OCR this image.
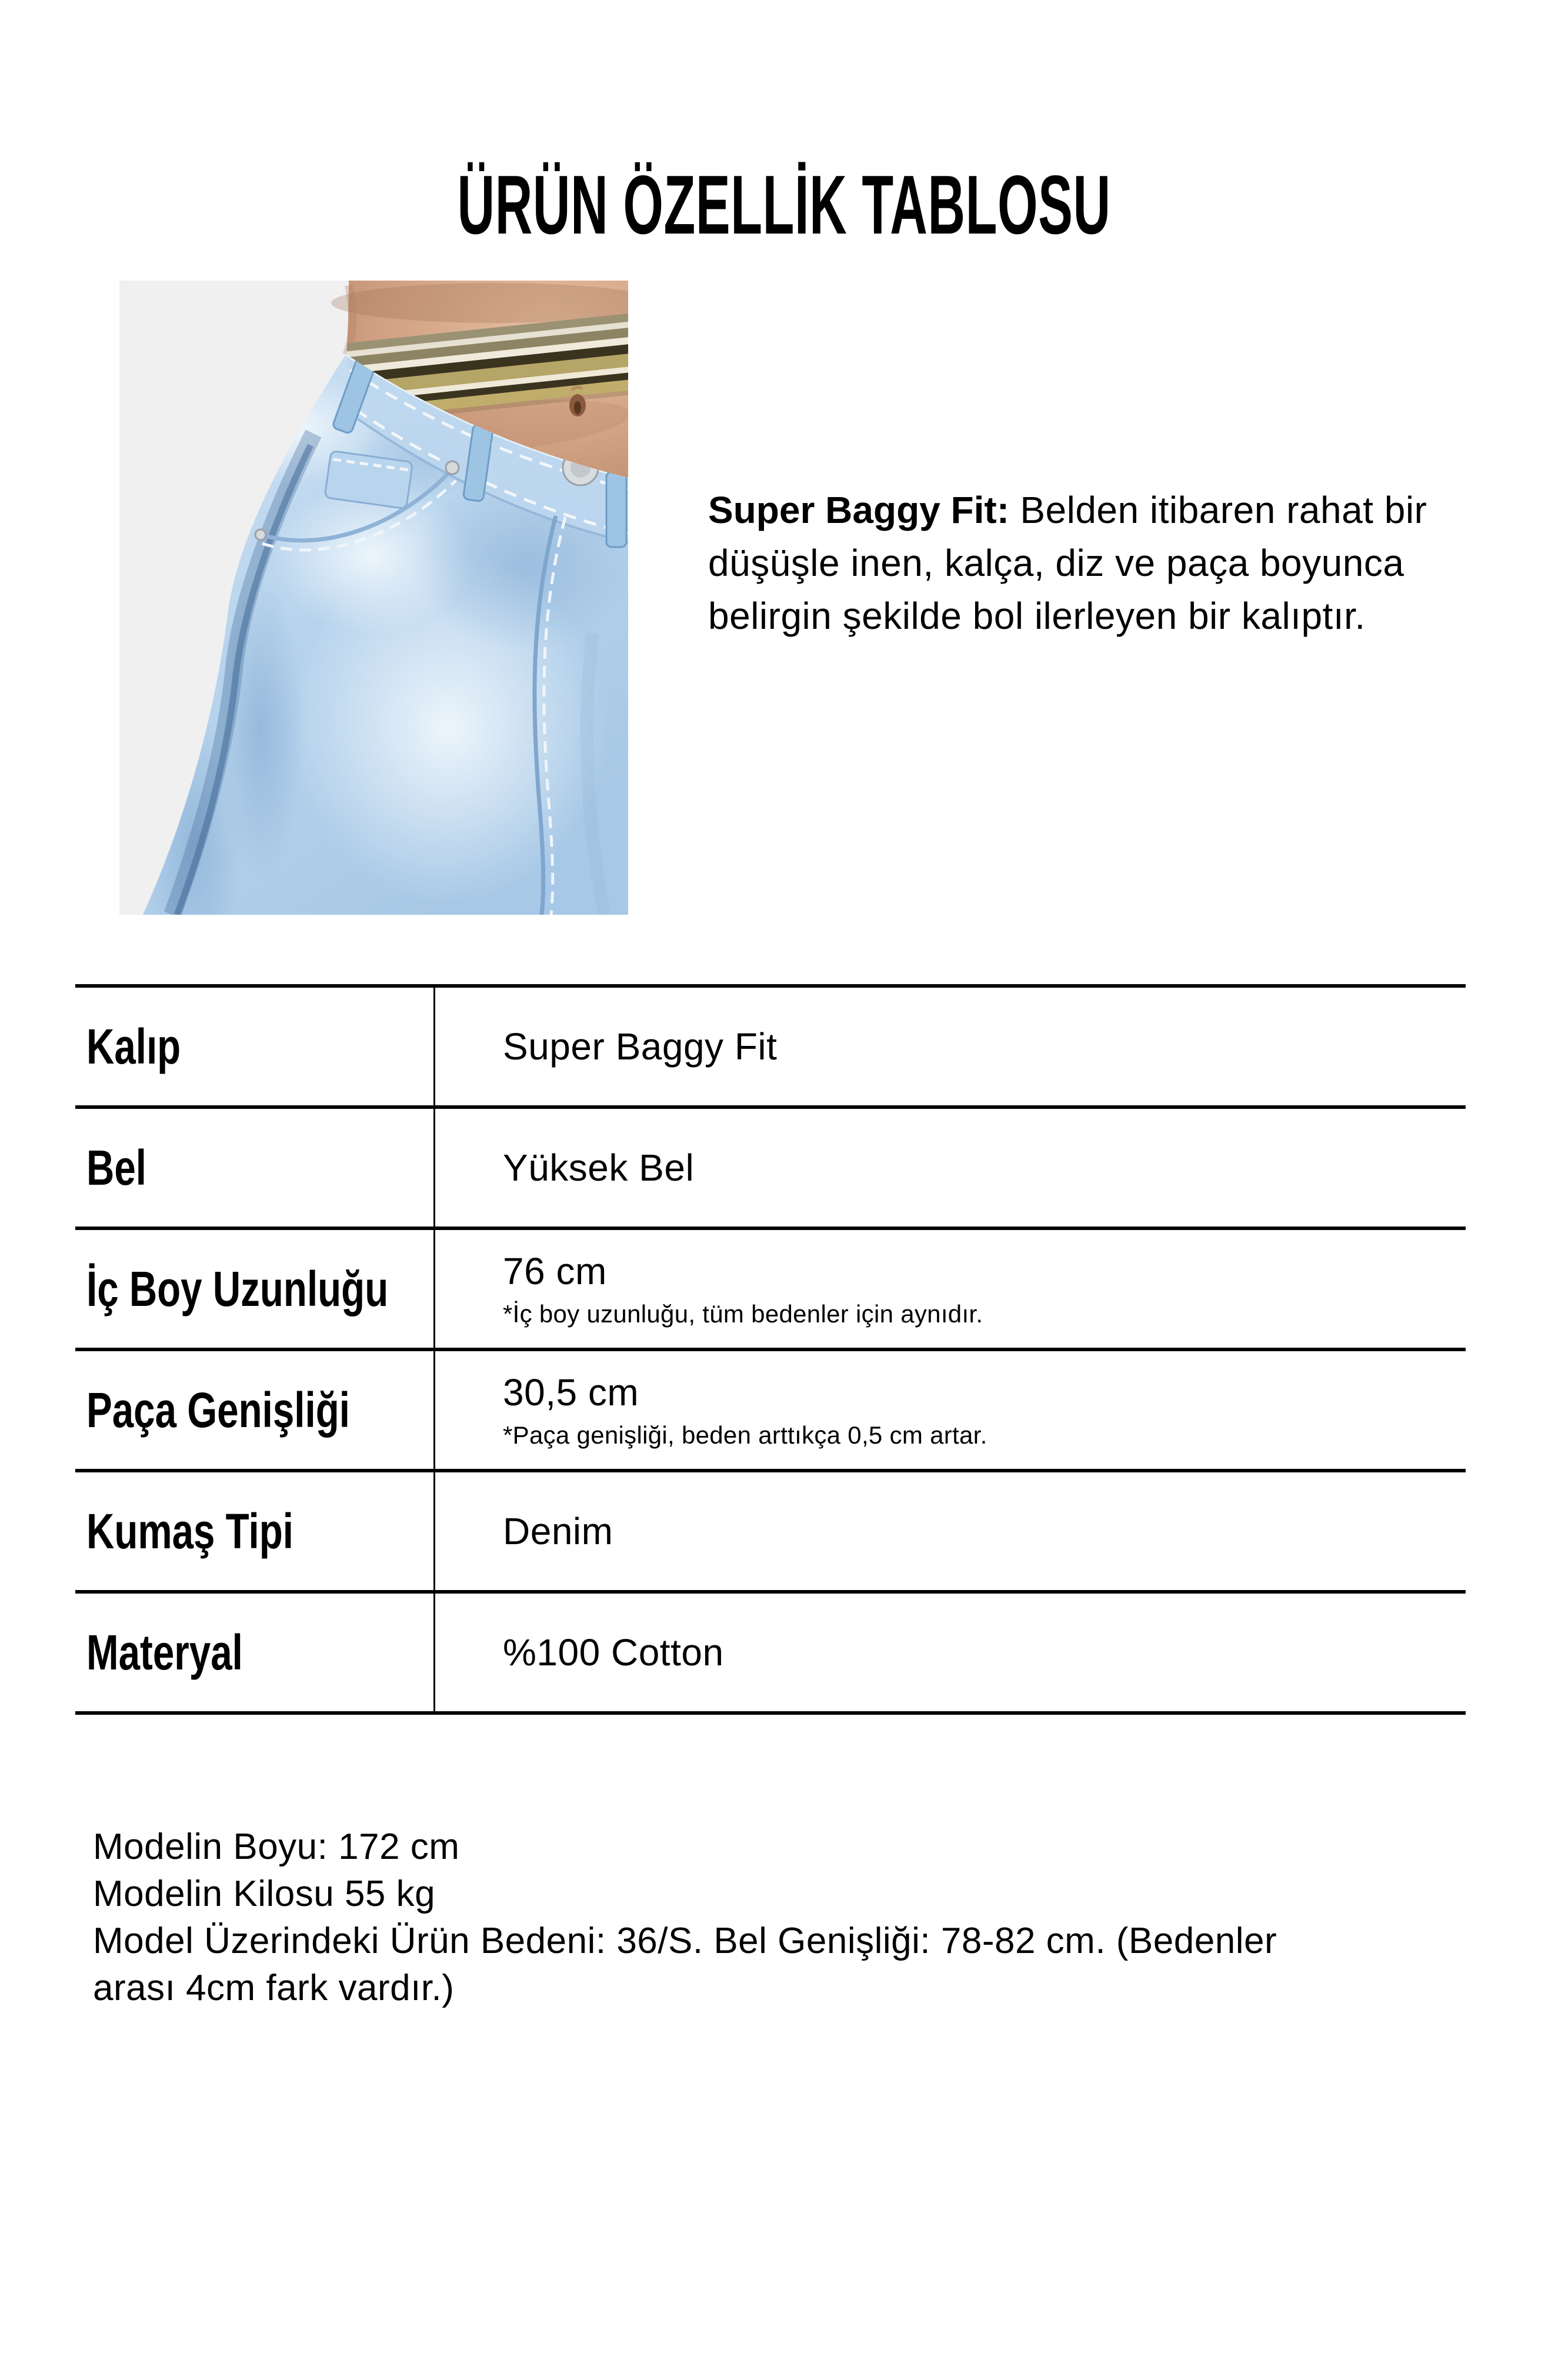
ÜRÜN ÖZELLİK TABLOSU
Super Baggy Fit: Belden itibaren rahat bir düşüşle inen, kalça, diz ve paça boyunca belirgin şekilde bol ilerleyen bir kalıptır.
Kalıp	Super Baggy Fit
Bel	Yüksek Bel
İç Boy Uzunluğu	76 cm
*İç boy uzunluğu, tüm bedenler için aynıdır.
Paça Genişliği	30,5 cm
*Paça genişliği, beden arttıkça 0,5 cm artar.
Kumaş Tipi	Denim
Materyal	%100 Cotton
Modelin Boyu: 172 cm
Modelin Kilosu 55 kg
Model Üzerindeki Ürün Bedeni: 36/S. Bel Genişliği: 78-82 cm. (Bedenler
arası 4cm fark vardır.)
